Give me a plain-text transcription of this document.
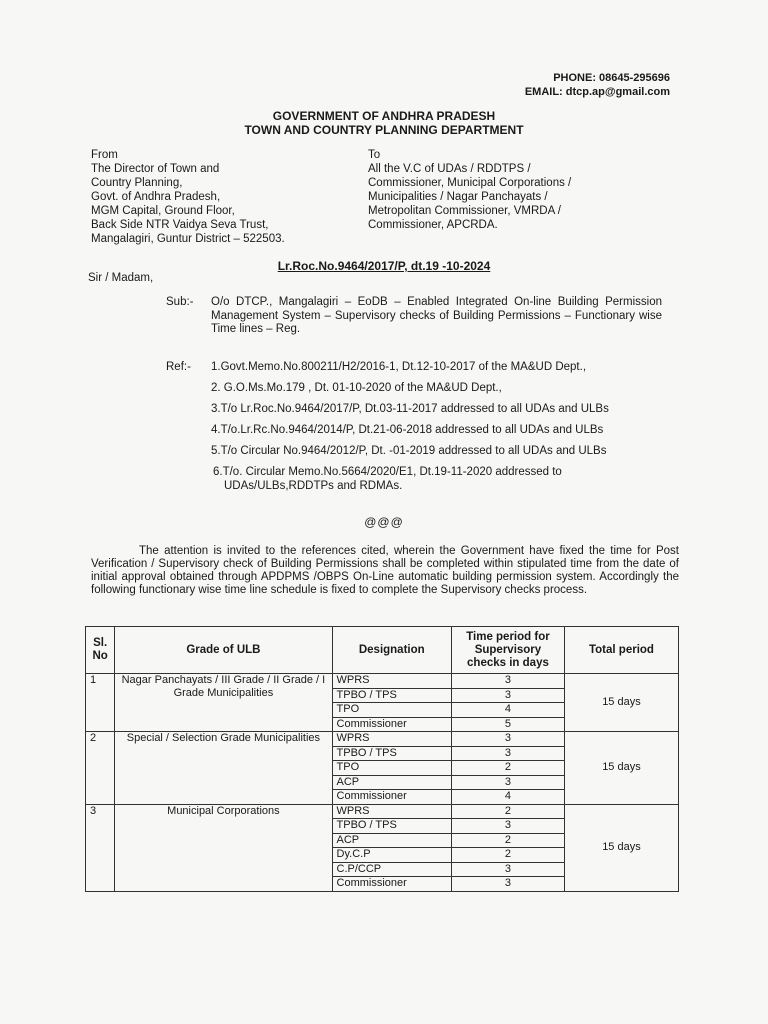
PHONE: 08645-295696
EMAIL: dtcp.ap@gmail.com
GOVERNMENT OF ANDHRA PRADESH
TOWN AND COUNTRY PLANNING DEPARTMENT
From
The Director of Town and
Country Planning,
Govt. of Andhra Pradesh,
MGM Capital, Ground Floor,
Back Side NTR Vaidya Seva Trust,
Mangalagiri, Guntur District – 522503.
To
All the V.C of UDAs / RDDTPS /
Commissioner, Municipal Corporations /
Municipalities / Nagar Panchayats /
Metropolitan Commissioner, VMRDA /
Commissioner, APCRDA.
Lr.Roc.No.9464/2017/P, dt.19 -10-2024
Sir / Madam,
Sub:- O/o DTCP., Mangalagiri – EoDB – Enabled Integrated On-line Building Permission Management System – Supervisory checks of Building Permissions – Functionary wise Time lines – Reg.
Ref:- 1.Govt.Memo.No.800211/H2/2016-1, Dt.12-10-2017 of the MA&UD Dept.,
2. G.O.Ms.Mo.179 , Dt. 01-10-2020 of the MA&UD Dept.,
3.T/o Lr.Roc.No.9464/2017/P, Dt.03-11-2017 addressed to all UDAs and ULBs
4.T/o.Lr.Rc.No.9464/2014/P, Dt.21-06-2018 addressed to all UDAs and ULBs
5.T/o Circular No.9464/2012/P, Dt. -01-2019 addressed to all UDAs and ULBs
6.T/o. Circular Memo.No.5664/2020/E1, Dt.19-11-2020 addressed to
UDAs/ULBs,RDDTPs and RDMAs.
@@@
The attention is invited to the references cited, wherein the Government have fixed the time for Post Verification / Supervisory check of Building Permissions shall be completed within stipulated time from the date of initial approval obtained through APDPMS /OBPS On-Line automatic building permission system. Accordingly the following functionary wise time line schedule is fixed to complete the Supervisory checks process.
Sl. No	Grade of ULB	Designation	Time period for Supervisory checks in days	Total period
1	Nagar Panchayats / III Grade / II Grade / I Grade Municipalities	WPRS	3	15 days
		TPBO / TPS	3	
		TPO	4	
		Commissioner	5	
2	Special / Selection Grade Municipalities	WPRS	3	15 days
		TPBO / TPS	3	
		TPO	2	
		ACP	3	
		Commissioner	4	
3	Municipal Corporations	WPRS	2	15 days
		TPBO / TPS	3	
		ACP	2	
		Dy.C.P	2	
		C.P/CCP	3	
		Commissioner	3	
